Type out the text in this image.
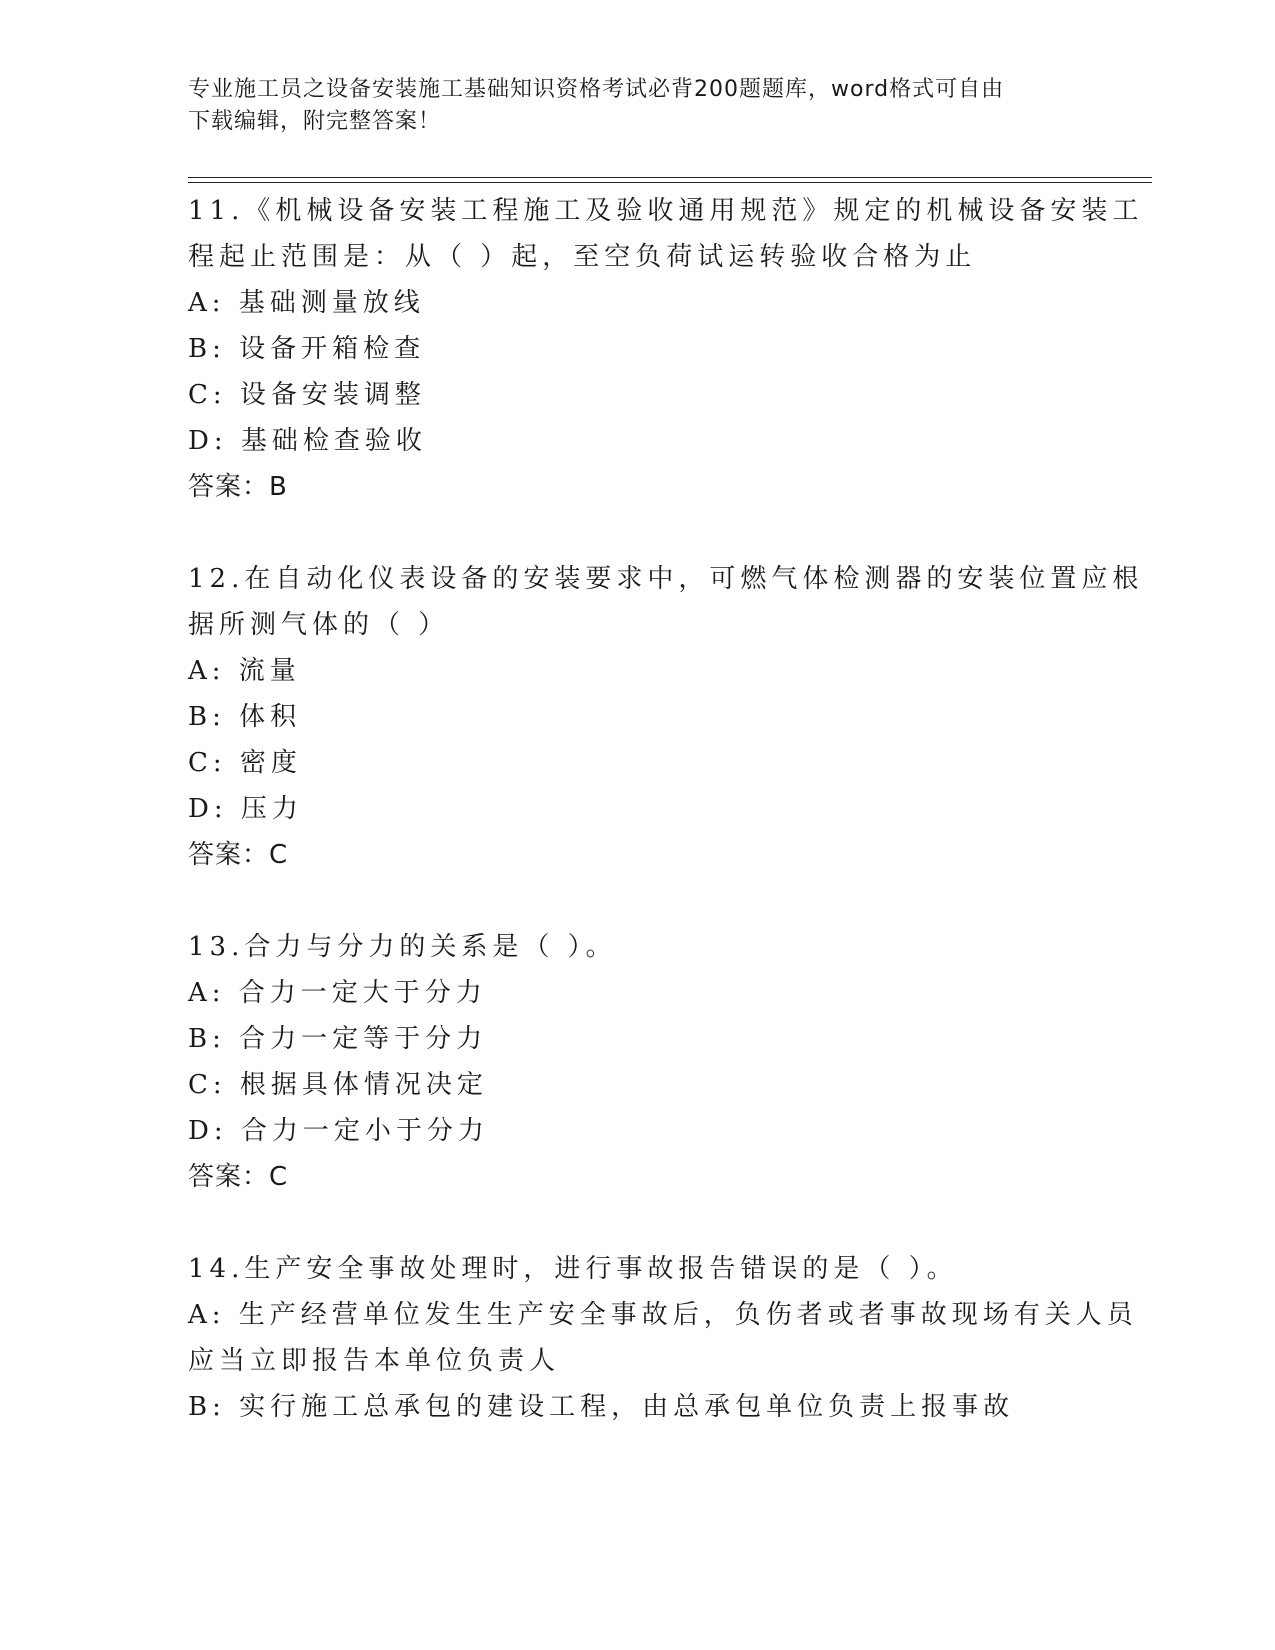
专业施工员之设备安装施工基础知识资格考试必背200题题库，word格式可自由
下载编辑，附完整答案！
11.《机械设备安装工程施工及验收通用规范》规定的机械设备安装工
程起止范围是：从（ ）起，至空负荷试运转验收合格为止
A: 基础测量放线
B: 设备开箱检查
C: 设备安装调整
D: 基础检查验收
答案：B
12.在自动化仪表设备的安装要求中，可燃气体检测器的安装位置应根
据所测气体的（ ）
A: 流量
B: 体积
C: 密度
D: 压力
答案：C
13.合力与分力的关系是（ ）。
A: 合力一定大于分力
B: 合力一定等于分力
C: 根据具体情况决定
D: 合力一定小于分力
答案：C
14.生产安全事故处理时，进行事故报告错误的是（ ）。
A: 生产经营单位发生生产安全事故后，负伤者或者事故现场有关人员
应当立即报告本单位负责人
B: 实行施工总承包的建设工程，由总承包单位负责上报事故
